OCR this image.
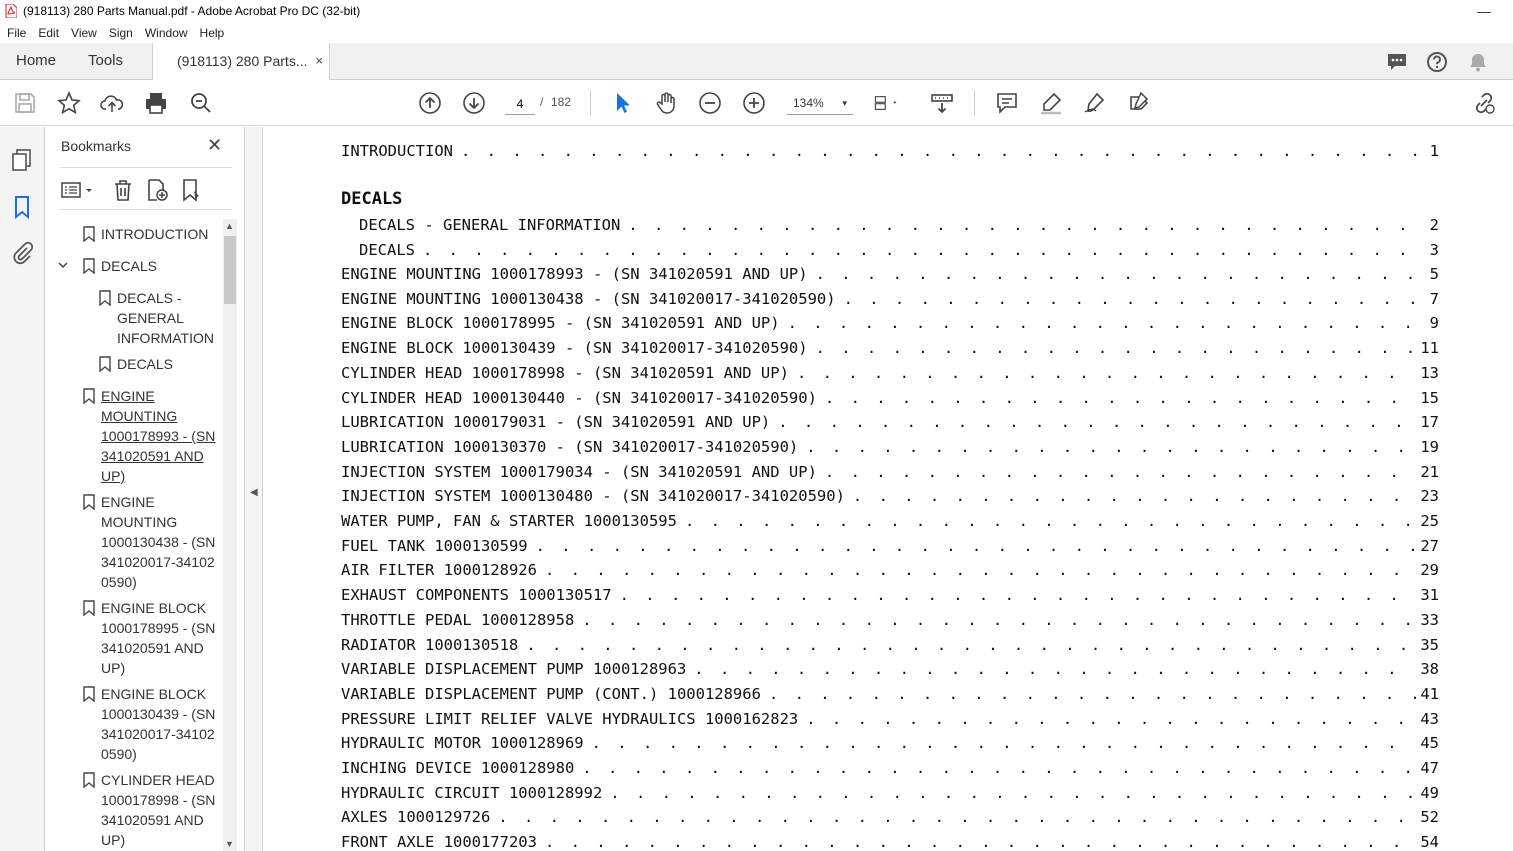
(918113) 280 Parts Manual.pdf - Adobe Acrobat Pro DC (32-bit)	—
File Edit View Sign Window Help
Home Tools	(918113) 280 Parts... ×
4
/ 182	134% ▾
Bookmarks	✕
INTRODUCTION
DECALS
DECALS -
GENERAL
INFORMATION
DECALS
ENGINE
MOUNTING
1000178993 - (SN
341020591 AND
UP)
ENGINE
MOUNTING
1000130438 - (SN
341020017-34102
0590)
ENGINE BLOCK
1000178995 - (SN
341020591 AND
UP)
ENGINE BLOCK
1000130439 - (SN
341020017-34102
0590)
CYLINDER HEAD
1000178998 - (SN
341020591 AND
UP)
▲
▼
◀
INTRODUCTION . . .	1
DECALS
DECALS - GENERAL INFORMATION . . .	2
DECALS . . .	3
ENGINE MOUNTING 1000178993 - (SN 341020591 AND UP) . . .	5
ENGINE MOUNTING 1000130438 - (SN 341020017-341020590) . . .	7
ENGINE BLOCK 1000178995 - (SN 341020591 AND UP) . . .	9
ENGINE BLOCK 1000130439 - (SN 341020017-341020590) . . .	11
CYLINDER HEAD 1000178998 - (SN 341020591 AND UP) . . .	13
CYLINDER HEAD 1000130440 - (SN 341020017-341020590) . . .	15
LUBRICATION 1000179031 - (SN 341020591 AND UP) . . .	17
LUBRICATION 1000130370 - (SN 341020017-341020590) . . .	19
INJECTION SYSTEM 1000179034 - (SN 341020591 AND UP) . . .	21
INJECTION SYSTEM 1000130480 - (SN 341020017-341020590) . . .	23
WATER PUMP, FAN & STARTER 1000130595 . . .	25
FUEL TANK 1000130599 . . .	27
AIR FILTER 1000128926 . . .	29
EXHAUST COMPONENTS 1000130517 . . .	31
THROTTLE PEDAL 1000128958 . . .	33
RADIATOR 1000130518 . . .	35
VARIABLE DISPLACEMENT PUMP 1000128963 . . .	38
VARIABLE DISPLACEMENT PUMP (CONT.) 1000128966 . . .	41
PRESSURE LIMIT RELIEF VALVE HYDRAULICS 1000162823 . . .	43
HYDRAULIC MOTOR 1000128969 . . .	45
INCHING DEVICE 1000128980 . . .	47
HYDRAULIC CIRCUIT 1000128992 . . .	49
AXLES 1000129726 . . .	52
FRONT AXLE 1000177203 . . .	54
